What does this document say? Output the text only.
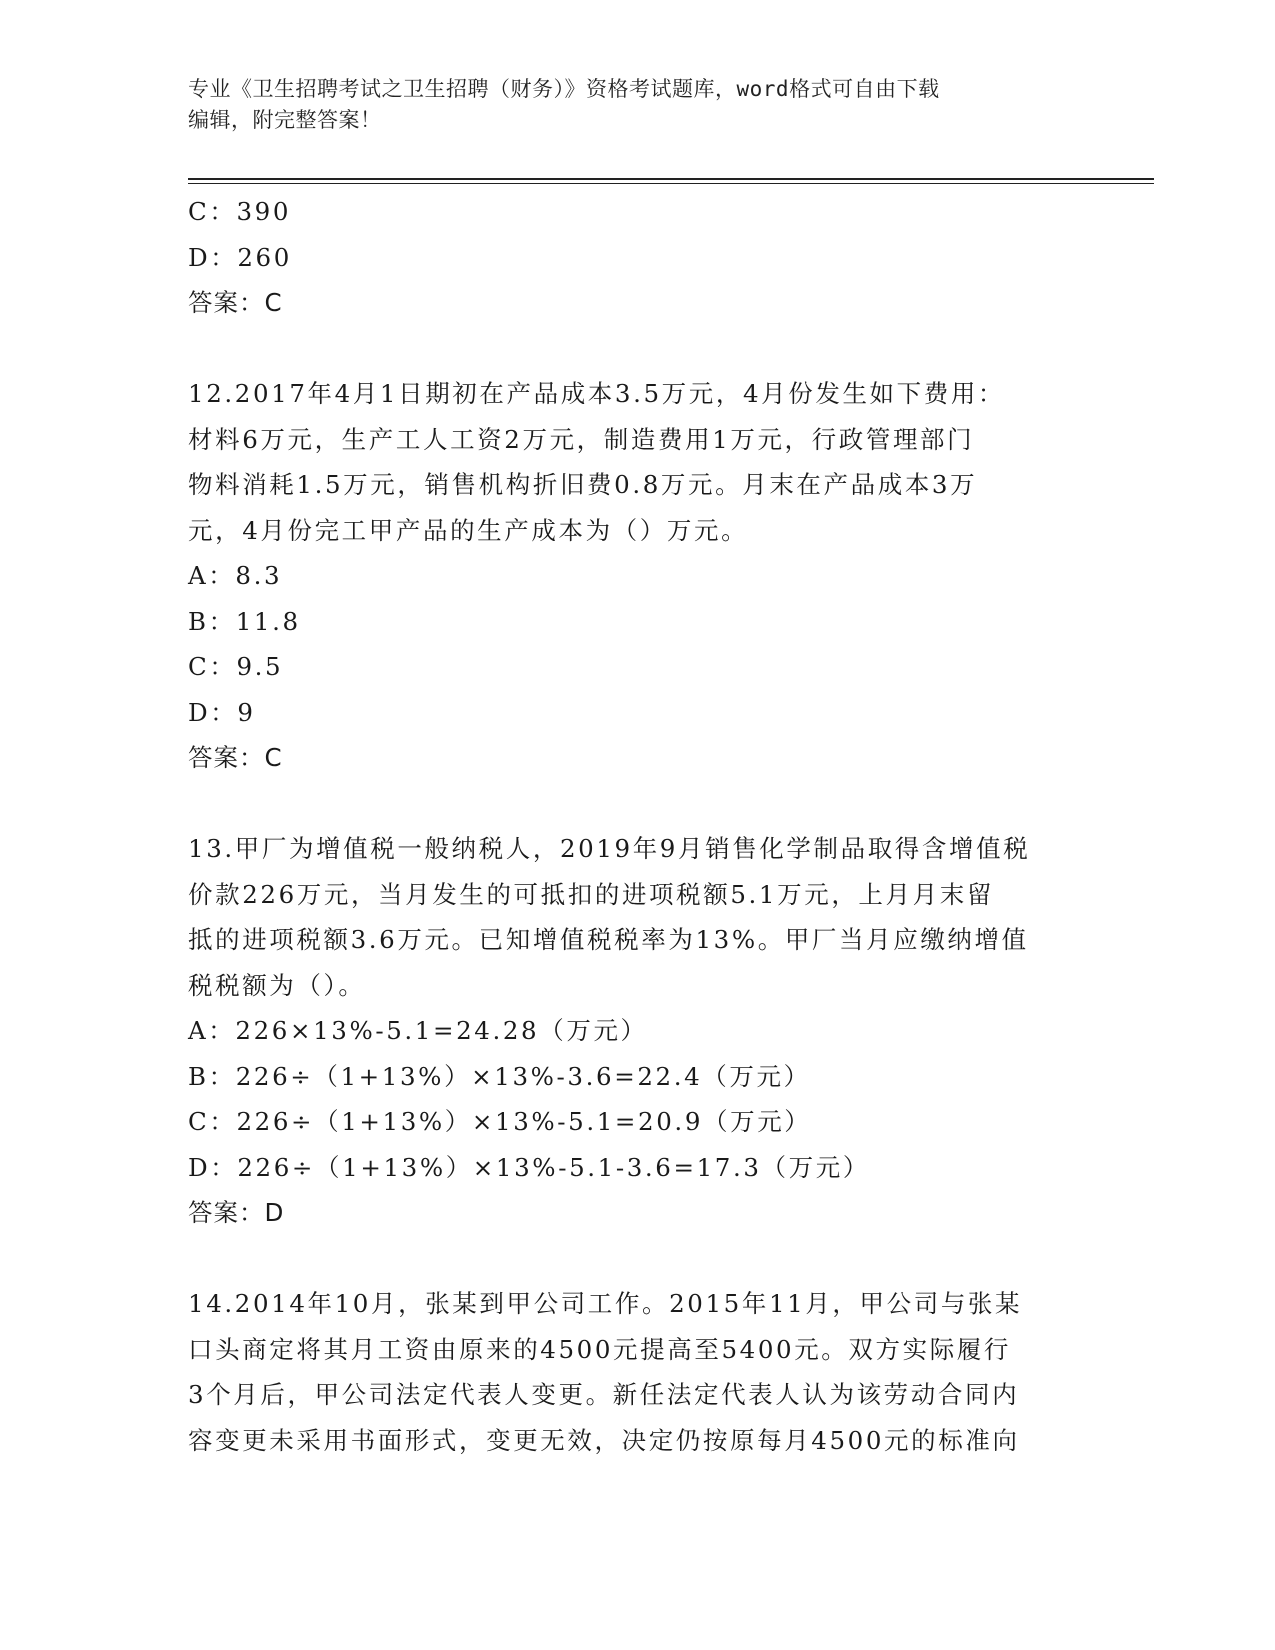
专业《卫生招聘考试之卫生招聘（财务）》资格考试题库，word格式可自由下载
编辑，附完整答案！
C：390
D：260
答案：C
12.2017年4月1日期初在产品成本3.5万元，4月份发生如下费用：
材料6万元，生产工人工资2万元，制造费用1万元，行政管理部门
物料消耗1.5万元，销售机构折旧费0.8万元。月末在产品成本3万
元，4月份完工甲产品的生产成本为（）万元。
A：8.3
B：11.8
C：9.5
D：9
答案：C
13.甲厂为增值税一般纳税人，2019年9月销售化学制品取得含增值税
价款226万元，当月发生的可抵扣的进项税额5.1万元，上月月末留
抵的进项税额3.6万元。已知增值税税率为13%。甲厂当月应缴纳增值
税税额为（）。
A：226×13%-5.1=24.28（万元）
B：226÷（1+13%）×13%-3.6=22.4（万元）
C：226÷（1+13%）×13%-5.1=20.9（万元）
D：226÷（1+13%）×13%-5.1-3.6=17.3（万元）
答案：D
14.2014年10月，张某到甲公司工作。2015年11月，甲公司与张某
口头商定将其月工资由原来的4500元提高至5400元。双方实际履行
3个月后，甲公司法定代表人变更。新任法定代表人认为该劳动合同内
容变更未采用书面形式，变更无效，决定仍按原每月4500元的标准向
